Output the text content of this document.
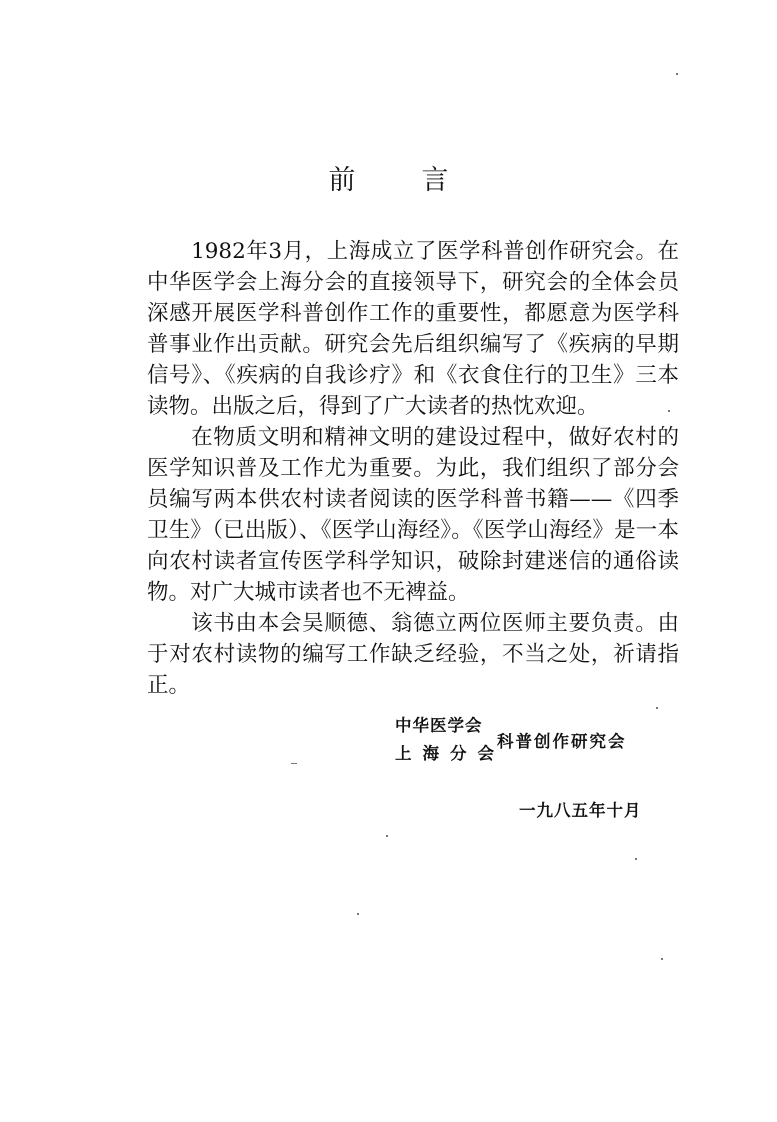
前 言

1982年3月，上海成立了医学科普创作研究会。在中华医学会上海分会的直接领导下，研究会的全体会员深感开展医学科普创作工作的重要性，都愿意为医学科普事业作出贡献。研究会先后组织编写了《疾病的早期信号》、《疾病的自我诊疗》和《衣食住行的卫生》三本读物。出版之后，得到了广大读者的热忱欢迎。

在物质文明和精神文明的建设过程中，做好农村的医学知识普及工作尤为重要。为此，我们组织了部分会员编写两本供农村读者阅读的医学科普书籍——《四季卫生》（已出版）、《医学山海经》。《医学山海经》是一本向农村读者宣传医学科学知识，破除封建迷信的通俗读物。对广大城市读者也不无裨益。

该书由本会吴顺德、翁德立两位医师主要负责。由于对农村读物的编写工作缺乏经验，不当之处，祈请指正。

中华医学会
上海分会
科普创作研究会
一九八五年十月
